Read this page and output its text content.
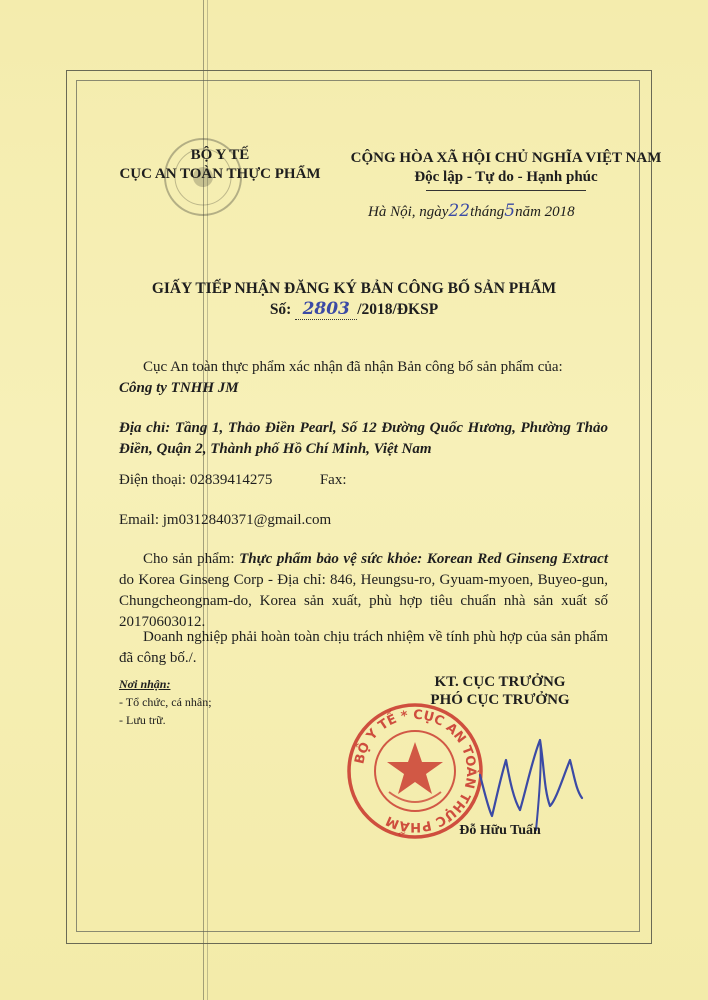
BỘ Y TẾ
CỤC AN TOÀN THỰC PHẨM
CỘNG HÒA XÃ HỘI CHỦ NGHĨA VIỆT NAM
Độc lập - Tự do - Hạnh phúc
Hà Nội, ngày22tháng5năm 2018
GIẤY TIẾP NHẬN ĐĂNG KÝ BẢN CÔNG BỐ SẢN PHẨM
Số: 2803 /2018/ĐKSP
Cục An toàn thực phẩm xác nhận đã nhận Bản công bố sản phẩm của:
Công ty TNHH JM
Địa chỉ: Tầng 1, Thảo Điền Pearl, Số 12 Đường Quốc Hương, Phường Thảo Điền, Quận 2, Thành phố Hồ Chí Minh, Việt Nam
Điện thoại: 02839414275	Fax:
Email: jm0312840371@gmail.com
Cho sản phẩm: Thực phẩm bảo vệ sức khỏe: Korean Red Ginseng Extract do Korea Ginseng Corp - Địa chỉ: 846, Heungsu-ro, Gyuam-myoen, Buyeo-gun, Chungcheongnam-do, Korea sản xuất, phù hợp tiêu chuẩn nhà sản xuất số 20170603012.
Doanh nghiệp phải hoàn toàn chịu trách nhiệm về tính phù hợp của sản phẩm đã công bố./.
Nơi nhận:
- Tổ chức, cá nhân;
- Lưu trữ.
KT. CỤC TRƯỞNG
PHÓ CỤC TRƯỞNG
BỘ Y TẾ * CỤC AN TOÀN THỰC PHẨM	Đỗ Hữu Tuấn
